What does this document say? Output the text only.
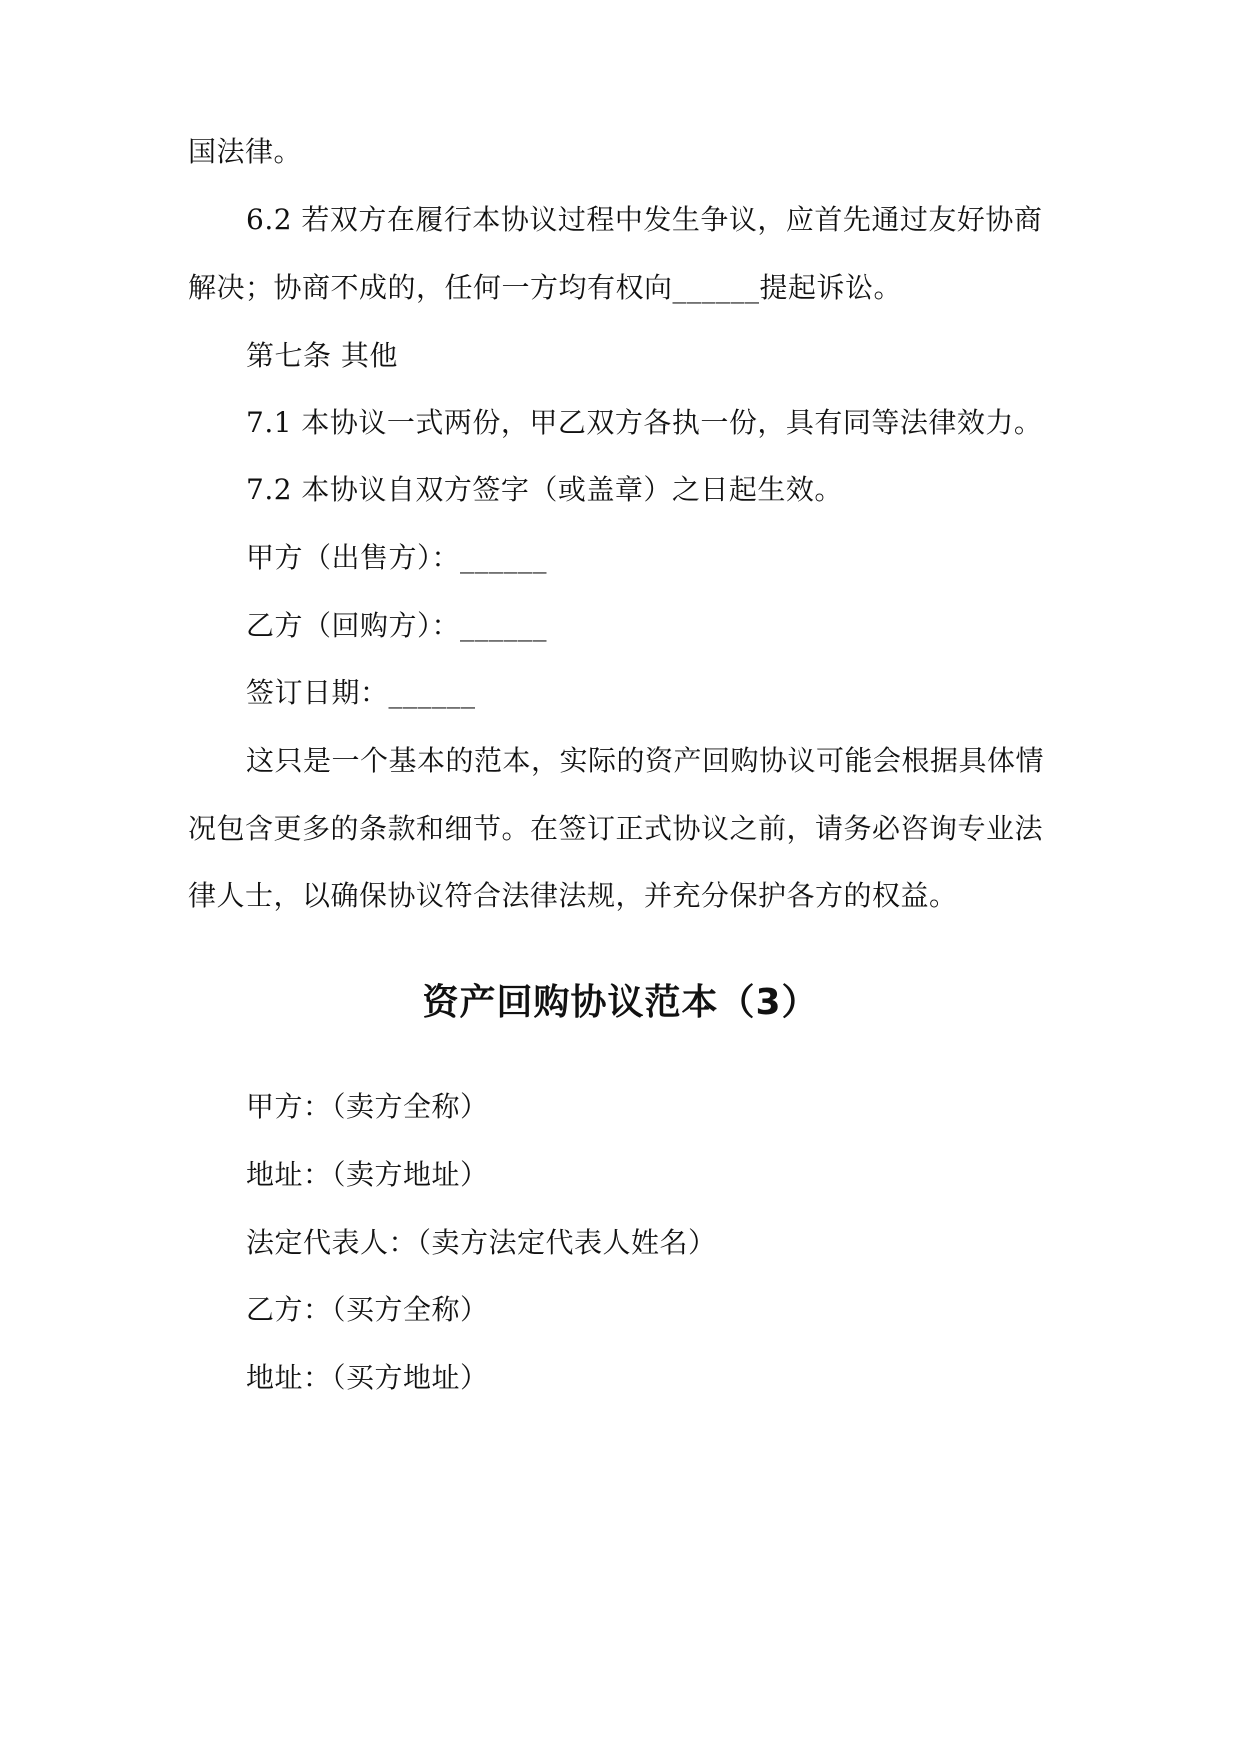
国法律。
6.2 若双方在履行本协议过程中发生争议，应首先通过友好协商
解决；协商不成的，任何一方均有权向______提起诉讼。
第七条 其他
7.1 本协议一式两份，甲乙双方各执一份，具有同等法律效力。
7.2 本协议自双方签字（或盖章）之日起生效。
甲方（出售方）：______
乙方（回购方）：______
签订日期：______
这只是一个基本的范本，实际的资产回购协议可能会根据具体情
况包含更多的条款和细节。在签订正式协议之前，请务必咨询专业法
律人士，以确保协议符合法律法规，并充分保护各方的权益。
资产回购协议范本（3）
甲方：（卖方全称）
地址：（卖方地址）
法定代表人：（卖方法定代表人姓名）
乙方：（买方全称）
地址：（买方地址）
